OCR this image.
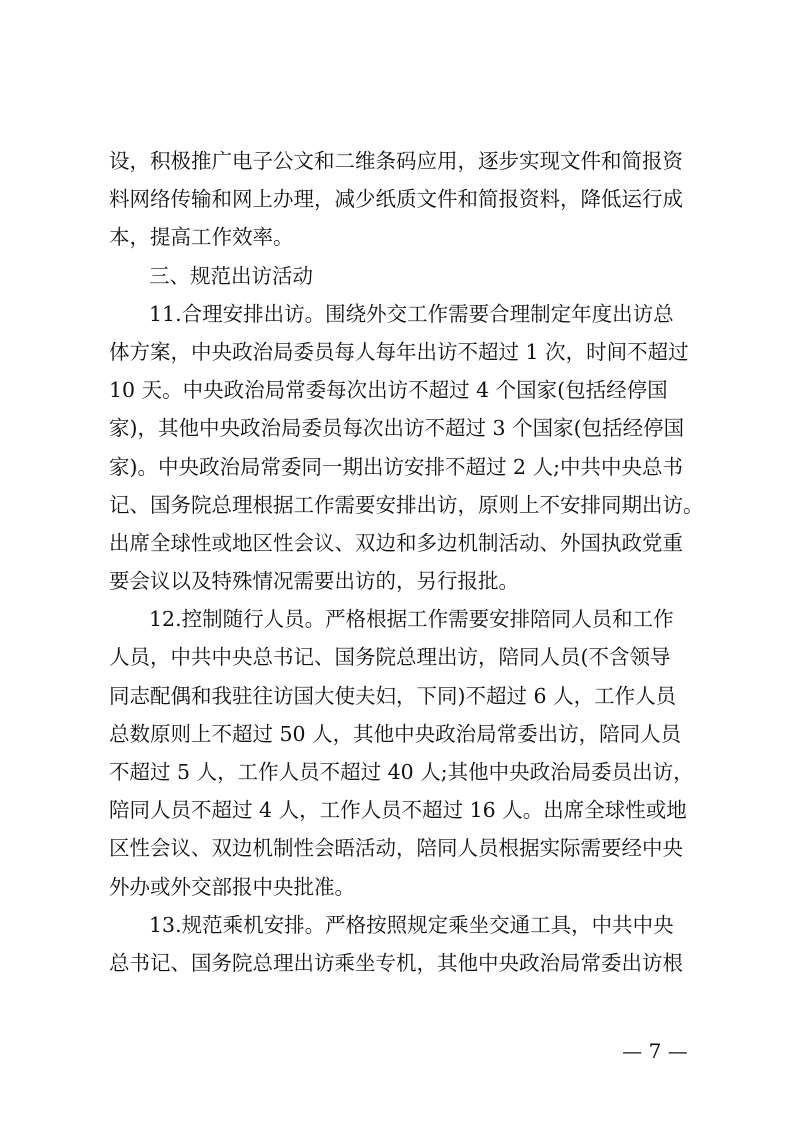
设，积极推广电子公文和二维条码应用，逐步实现文件和简报资
料网络传输和网上办理，减少纸质文件和简报资料，降低运行成
本，提高工作效率。
三、规范出访活动
11.合理安排出访。围绕外交工作需要合理制定年度出访总
体方案，中央政治局委员每人每年出访不超过 1 次，时间不超过
10 天。中央政治局常委每次出访不超过 4 个国家(包括经停国
家)，其他中央政治局委员每次出访不超过 3 个国家(包括经停国
家)。中央政治局常委同一期出访安排不超过 2 人;中共中央总书
记、国务院总理根据工作需要安排出访，原则上不安排同期出访。
出席全球性或地区性会议、双边和多边机制活动、外国执政党重
要会议以及特殊情况需要出访的，另行报批。
12.控制随行人员。严格根据工作需要安排陪同人员和工作
人员，中共中央总书记、国务院总理出访，陪同人员(不含领导
同志配偶和我驻往访国大使夫妇，下同)不超过 6 人，工作人员
总数原则上不超过 50 人，其他中央政治局常委出访，陪同人员
不超过 5 人，工作人员不超过 40 人;其他中央政治局委员出访，
陪同人员不超过 4 人，工作人员不超过 16 人。出席全球性或地
区性会议、双边机制性会晤活动，陪同人员根据实际需要经中央
外办或外交部报中央批准。
13.规范乘机安排。严格按照规定乘坐交通工具，中共中央
总书记、国务院总理出访乘坐专机，其他中央政治局常委出访根
— 7 —
